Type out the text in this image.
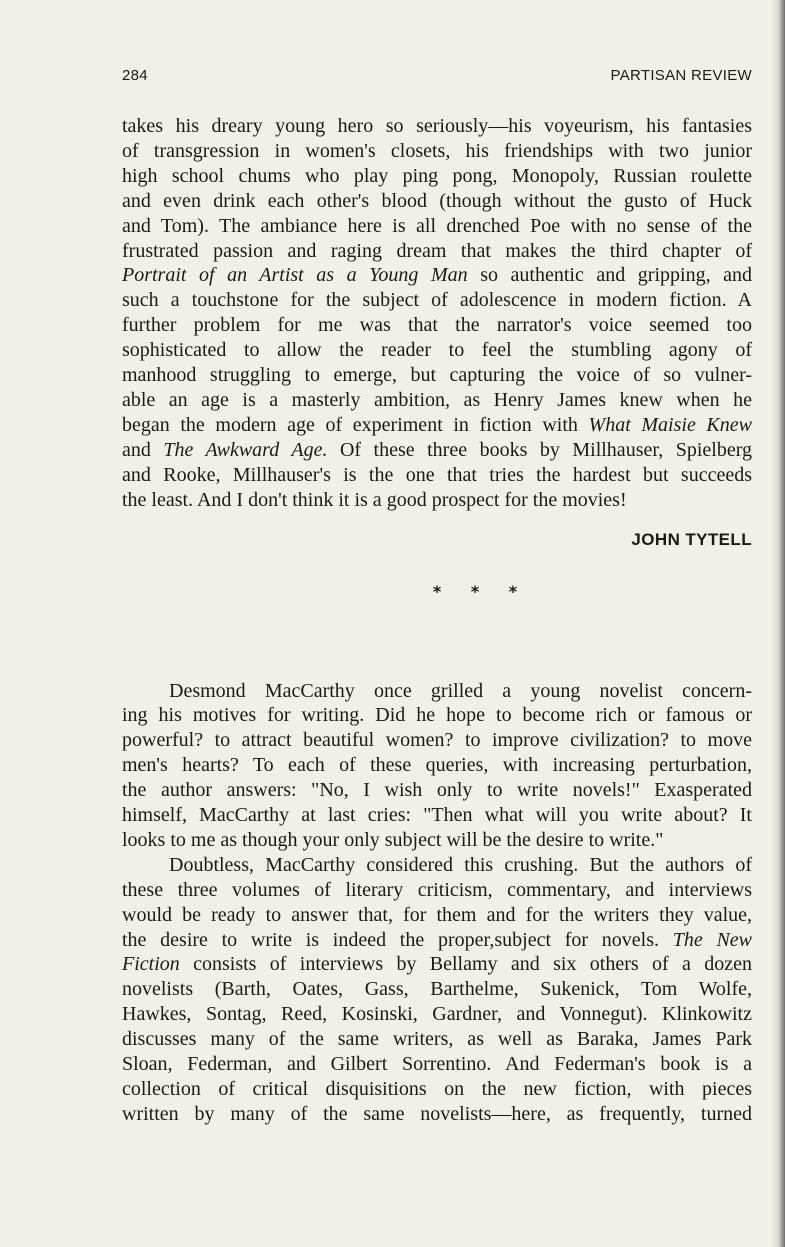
284	PARTISAN REVIEW
takes his dreary young hero so seriously—his voyeurism, his fantasies
of transgression in women's closets, his friendships with two junior
high school chums who play ping pong, Monopoly, Russian roulette
and even drink each other's blood (though without the gusto of Huck
and Tom). The ambiance here is all drenched Poe with no sense of the
frustrated passion and raging dream that makes the third chapter of
Portrait of an Artist as a Young Man so authentic and gripping, and
such a touchstone for the subject of adolescence in modern fiction. A
further problem for me was that the narrator's voice seemed too
sophisticated to allow the reader to feel the stumbling agony of
manhood struggling to emerge, but capturing the voice of so vulner-
able an age is a masterly ambition, as Henry James knew when he
began the modern age of experiment in fiction with What Maisie Knew
and The Awkward Age. Of these three books by Millhauser, Spielberg
and Rooke, Millhauser's is the one that tries the hardest but succeeds
the least. And I don't think it is a good prospect for the movies!
JOHN TYTELL
* * *
Desmond MacCarthy once grilled a young novelist concern-
ing his motives for writing. Did he hope to become rich or famous or
powerful? to attract beautiful women? to improve civilization? to move
men's hearts? To each of these queries, with increasing perturbation,
the author answers: "No, I wish only to write novels!" Exasperated
himself, MacCarthy at last cries: "Then what will you write about? It
looks to me as though your only subject will be the desire to write."
Doubtless, MacCarthy considered this crushing. But the authors of
these three volumes of literary criticism, commentary, and interviews
would be ready to answer that, for them and for the writers they value,
the desire to write is indeed the proper,subject for novels. The New
Fiction consists of interviews by Bellamy and six others of a dozen
novelists (Barth, Oates, Gass, Barthelme, Sukenick, Tom Wolfe,
Hawkes, Sontag, Reed, Kosinski, Gardner, and Vonnegut). Klinkowitz
discusses many of the same writers, as well as Baraka, James Park
Sloan, Federman, and Gilbert Sorrentino. And Federman's book is a
collection of critical disquisitions on the new fiction, with pieces
written by many of the same novelists—here, as frequently, turned
